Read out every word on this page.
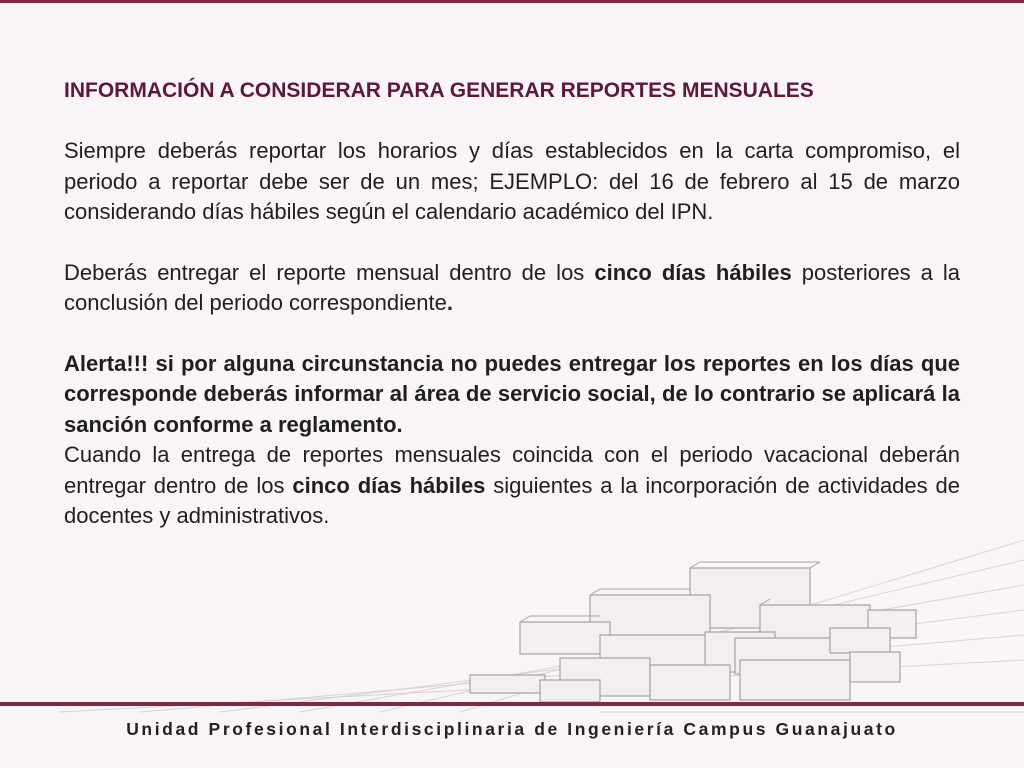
INFORMACIÓN A CONSIDERAR PARA GENERAR REPORTES MENSUALES

Siempre deberás reportar los horarios y días establecidos en la carta compromiso, el periodo a reportar debe ser de un mes; EJEMPLO: del 16 de febrero al 15 de marzo considerando días hábiles según el calendario académico del IPN.

Deberás entregar el reporte mensual dentro de los cinco días hábiles posteriores a la conclusión del periodo correspondiente.

Alerta!!! si por alguna circunstancia no puedes entregar los reportes en los días que corresponde deberás informar al área de servicio social, de lo contrario se aplicará la sanción conforme a reglamento.

Cuando la entrega de reportes mensuales coincida con el periodo vacacional deberán entregar dentro de los cinco días hábiles siguientes a la incorporación de actividades de docentes y administrativos.

Unidad Profesional Interdisciplinaria de Ingeniería Campus Guanajuato
